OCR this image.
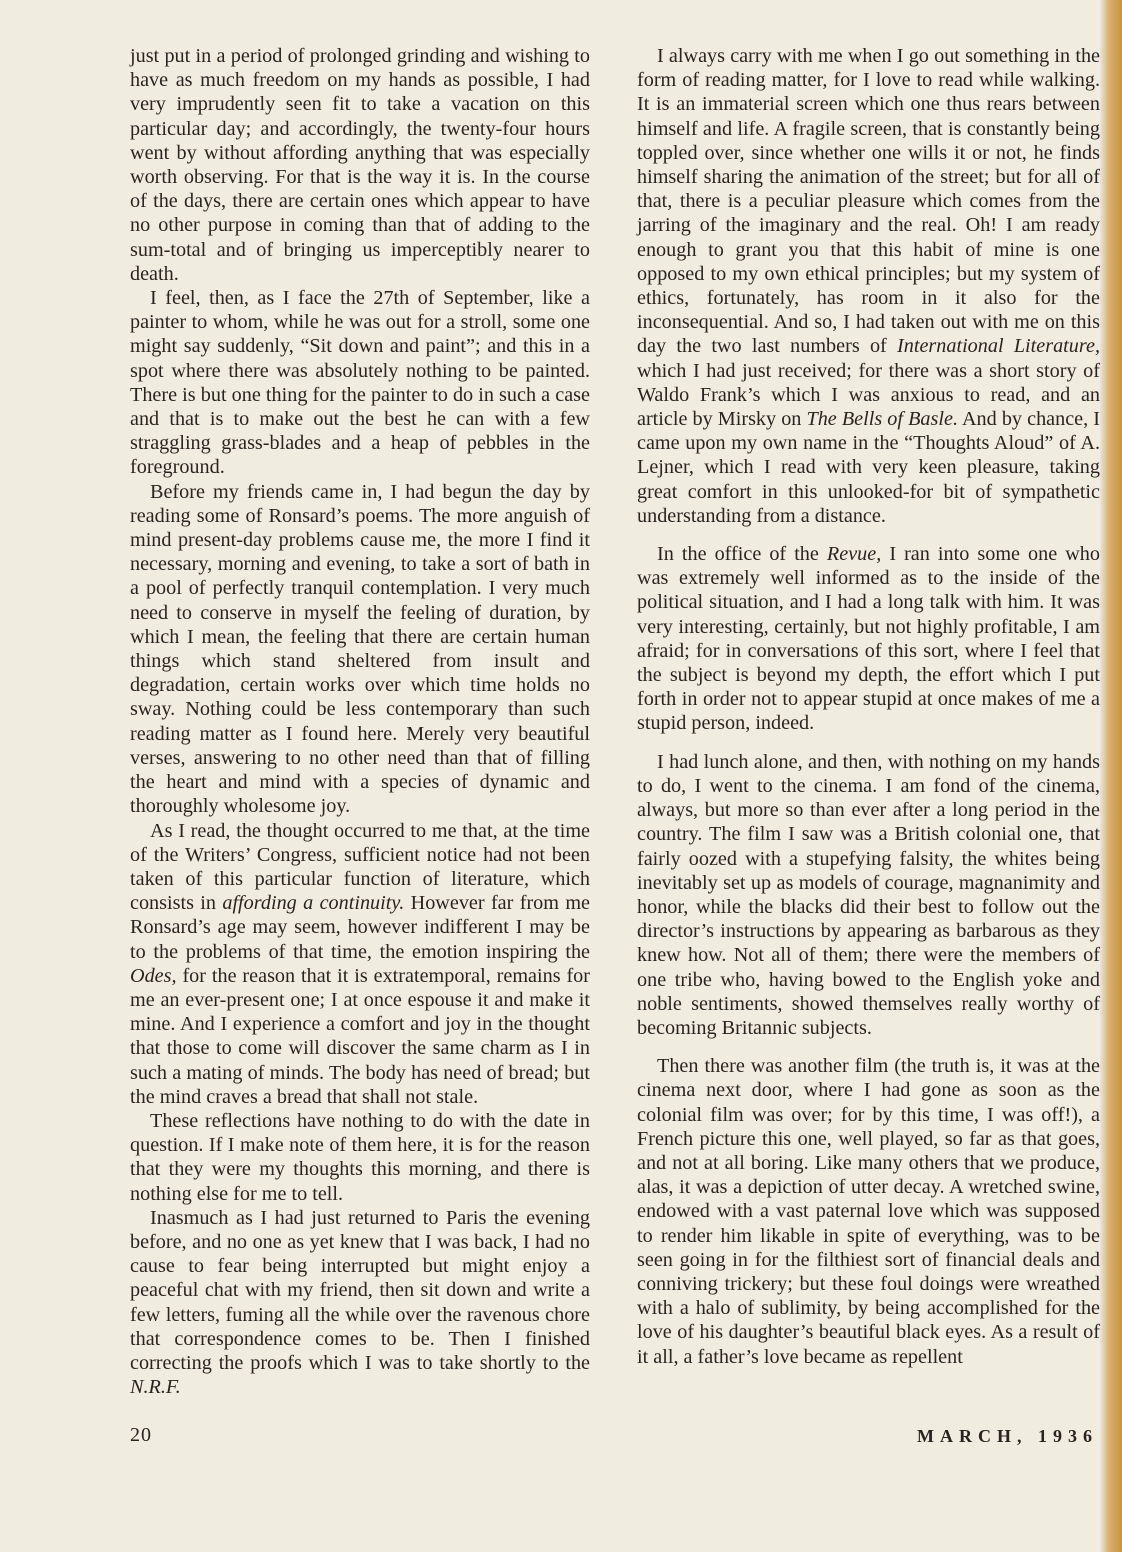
just put in a period of prolonged grinding and wishing to have as much freedom on my hands as possible, I had very imprudently seen fit to take a vacation on this particular day; and accordingly, the twenty-four hours went by without affording anything that was especially worth observing. For that is the way it is. In the course of the days, there are certain ones which appear to have no other purpose in coming than that of adding to the sum-total and of bringing us imperceptibly nearer to death.

I feel, then, as I face the 27th of September, like a painter to whom, while he was out for a stroll, some one might say suddenly, “Sit down and paint”; and this in a spot where there was absolutely nothing to be painted. There is but one thing for the painter to do in such a case and that is to make out the best he can with a few straggling grass-blades and a heap of pebbles in the foreground.

Before my friends came in, I had begun the day by reading some of Ronsard’s poems. The more anguish of mind present-day problems cause me, the more I find it necessary, morning and evening, to take a sort of bath in a pool of perfectly tranquil contemplation. I very much need to conserve in myself the feeling of duration, by which I mean, the feeling that there are certain human things which stand sheltered from insult and degradation, certain works over which time holds no sway. Nothing could be less contemporary than such reading matter as I found here. Merely very beautiful verses, answering to no other need than that of filling the heart and mind with a species of dynamic and thoroughly wholesome joy.

As I read, the thought occurred to me that, at the time of the Writers’ Congress, sufficient notice had not been taken of this particular function of literature, which consists in affording a continuity. However far from me Ronsard’s age may seem, however indifferent I may be to the problems of that time, the emotion inspiring the Odes, for the reason that it is extratemporal, remains for me an ever-present one; I at once espouse it and make it mine. And I experience a comfort and joy in the thought that those to come will discover the same charm as I in such a mating of minds. The body has need of bread; but the mind craves a bread that shall not stale.

These reflections have nothing to do with the date in question. If I make note of them here, it is for the reason that they were my thoughts this morning, and there is nothing else for me to tell.

Inasmuch as I had just returned to Paris the evening before, and no one as yet knew that I was back, I had no cause to fear being interrupted but might enjoy a peaceful chat with my friend, then sit down and write a few letters, fuming all the while over the ravenous chore that correspondence comes to be. Then I finished correcting the proofs which I was to take shortly to the N.R.F.

I always carry with me when I go out something in the form of reading matter, for I love to read while walking. It is an immaterial screen which one thus rears between himself and life. A fragile screen, that is constantly being toppled over, since whether one wills it or not, he finds himself sharing the animation of the street; but for all of that, there is a peculiar pleasure which comes from the jarring of the imaginary and the real. Oh! I am ready enough to grant you that this habit of mine is one opposed to my own ethical principles; but my system of ethics, fortunately, has room in it also for the inconsequential. And so, I had taken out with me on this day the two last numbers of International Literature, which I had just received; for there was a short story of Waldo Frank’s which I was anxious to read, and an article by Mirsky on The Bells of Basle. And by chance, I came upon my own name in the “Thoughts Aloud” of A. Lejner, which I read with very keen pleasure, taking great comfort in this unlooked-for bit of sympathetic understanding from a distance.

In the office of the Revue, I ran into some one who was extremely well informed as to the inside of the political situation, and I had a long talk with him. It was very interesting, certainly, but not highly profitable, I am afraid; for in conversations of this sort, where I feel that the subject is beyond my depth, the effort which I put forth in order not to appear stupid at once makes of me a stupid person, indeed.

I had lunch alone, and then, with nothing on my hands to do, I went to the cinema. I am fond of the cinema, always, but more so than ever after a long period in the country. The film I saw was a British colonial one, that fairly oozed with a stupefying falsity, the whites being inevitably set up as models of courage, magnanimity and honor, while the blacks did their best to follow out the director’s instructions by appearing as barbarous as they knew how. Not all of them; there were the members of one tribe who, having bowed to the English yoke and noble sentiments, showed themselves really worthy of becoming Britannic subjects.

Then there was another film (the truth is, it was at the cinema next door, where I had gone as soon as the colonial film was over; for by this time, I was off!), a French picture this one, well played, so far as that goes, and not at all boring. Like many others that we produce, alas, it was a depiction of utter decay. A wretched swine, endowed with a vast paternal love which was supposed to render him likable in spite of everything, was to be seen going in for the filthiest sort of financial deals and conniving trickery; but these foul doings were wreathed with a halo of sublimity, by being accomplished for the love of his daughter’s beautiful black eyes. As a result of it all, a father’s love became as repellent

20	MARCH, 1936
